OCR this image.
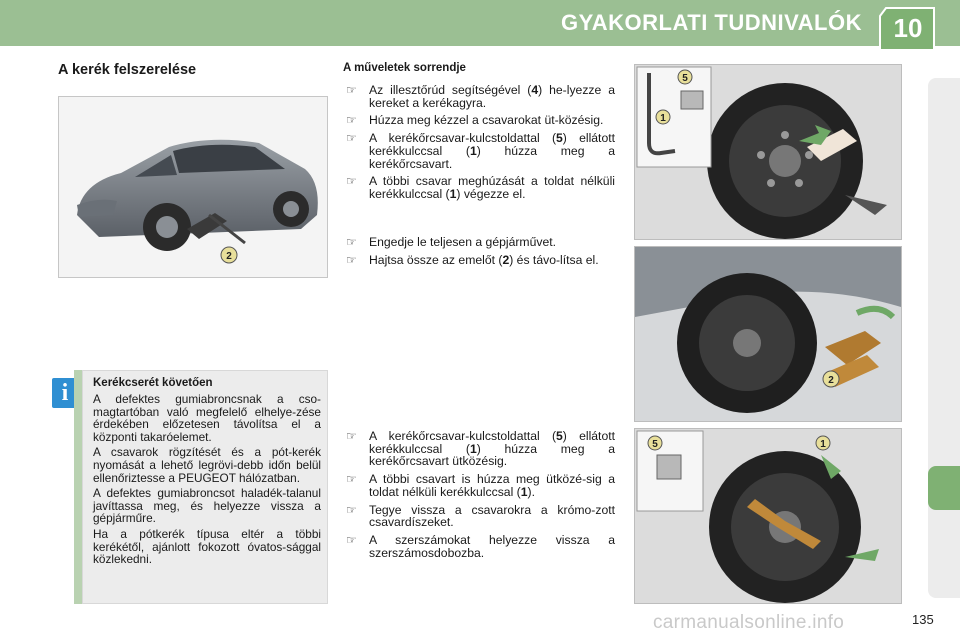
GYAKORLATI TUDNIVALÓK	10
A kerék felszerelése
2
i	Kerékcserét követően

A defektes gumiabroncsnak a cso-magtartóban való megfelelő elhelye-zése érdekében előzetesen távolítsa el a központi takaróelemet.

A csavarok rögzítését és a pót-kerék nyomását a lehető legrövi-debb időn belül ellenőriztesse a PEUGEOT hálózatban.

A defektes gumiabroncsot haladék-talanul javíttassa meg, és helyezze vissza a gépjárműre.

Ha a pótkerék típusa eltér a többi kerékétől, ajánlott fokozott óvatos-sággal közlekedni.

A műveletek sorrendje
☞ Az illesztőrúd segítségével (4) he-lyezze a kereket a kerékagyra.
☞ Húzza meg kézzel a csavarokat üt-közésig.
☞ A kerékőrcsavar-kulcstoldattal (5) ellátott kerékkulccsal (1) húzza meg a kerékőrcsavart.
☞ A többi csavar meghúzását a toldat nélküli kerékkulccsal (1) végezze el.
☞ Engedje le teljesen a gépjárművet.
☞ Hajtsa össze az emelőt (2) és távo-lítsa el.
☞ A kerékőrcsavar-kulcstoldattal (5) ellátott kerékkulccsal (1) húzza meg a kerékőrcsavart ütközésig.
☞ A többi csavart is húzza meg ütközé-sig a toldat nélküli kerékkulccsal (1).
☞ Tegye vissza a csavarokra a krómo-zott csavardíszeket.
☞ A szerszámokat helyezze vissza a szerszámosdobozba.
5
1
2
5	1
carmanualsonline.info	135
